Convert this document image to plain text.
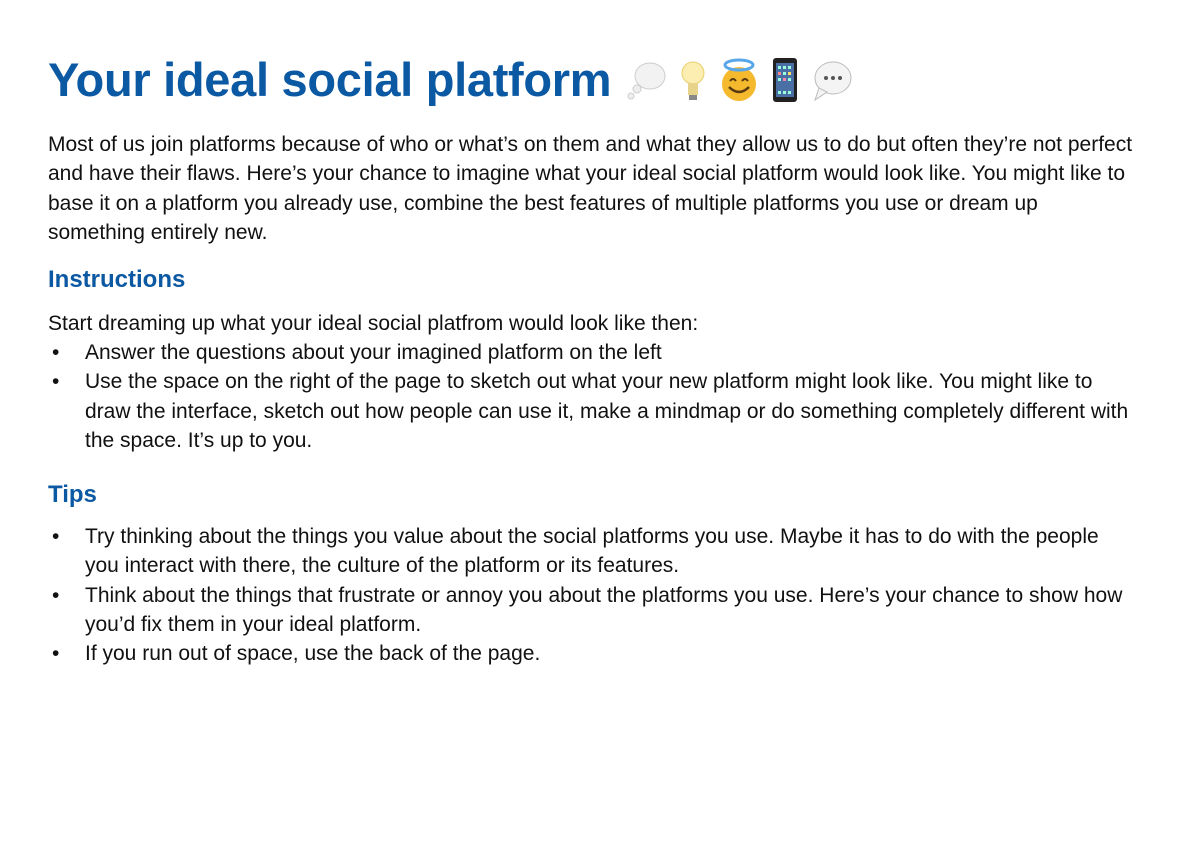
Your ideal social platform

Most of us join platforms because of who or what’s on them and what they allow us to do but often they’re not perfect and have their flaws. Here’s your chance to imagine what your ideal social platform would look like. You might like to base it on a platform you already use, combine the best features of multiple platforms you use or dream up something entirely new.

Instructions

Start dreaming up what your ideal social platfrom would look like then:

• Answer the questions about your imagined platform on the left
• Use the space on the right of the page to sketch out what your new platform might look like. You might like to draw the interface, sketch out how people can use it, make a mindmap or do something completely different with the space. It’s up to you.
Tips
• Try thinking about the things you value about the social platforms you use. Maybe it has to do with the people you interact with there, the culture of the platform or its features.
• Think about the things that frustrate or annoy you about the platforms you use. Here’s your chance to show how you’d fix them in your ideal platform.
• If you run out of space, use the back of the page.
